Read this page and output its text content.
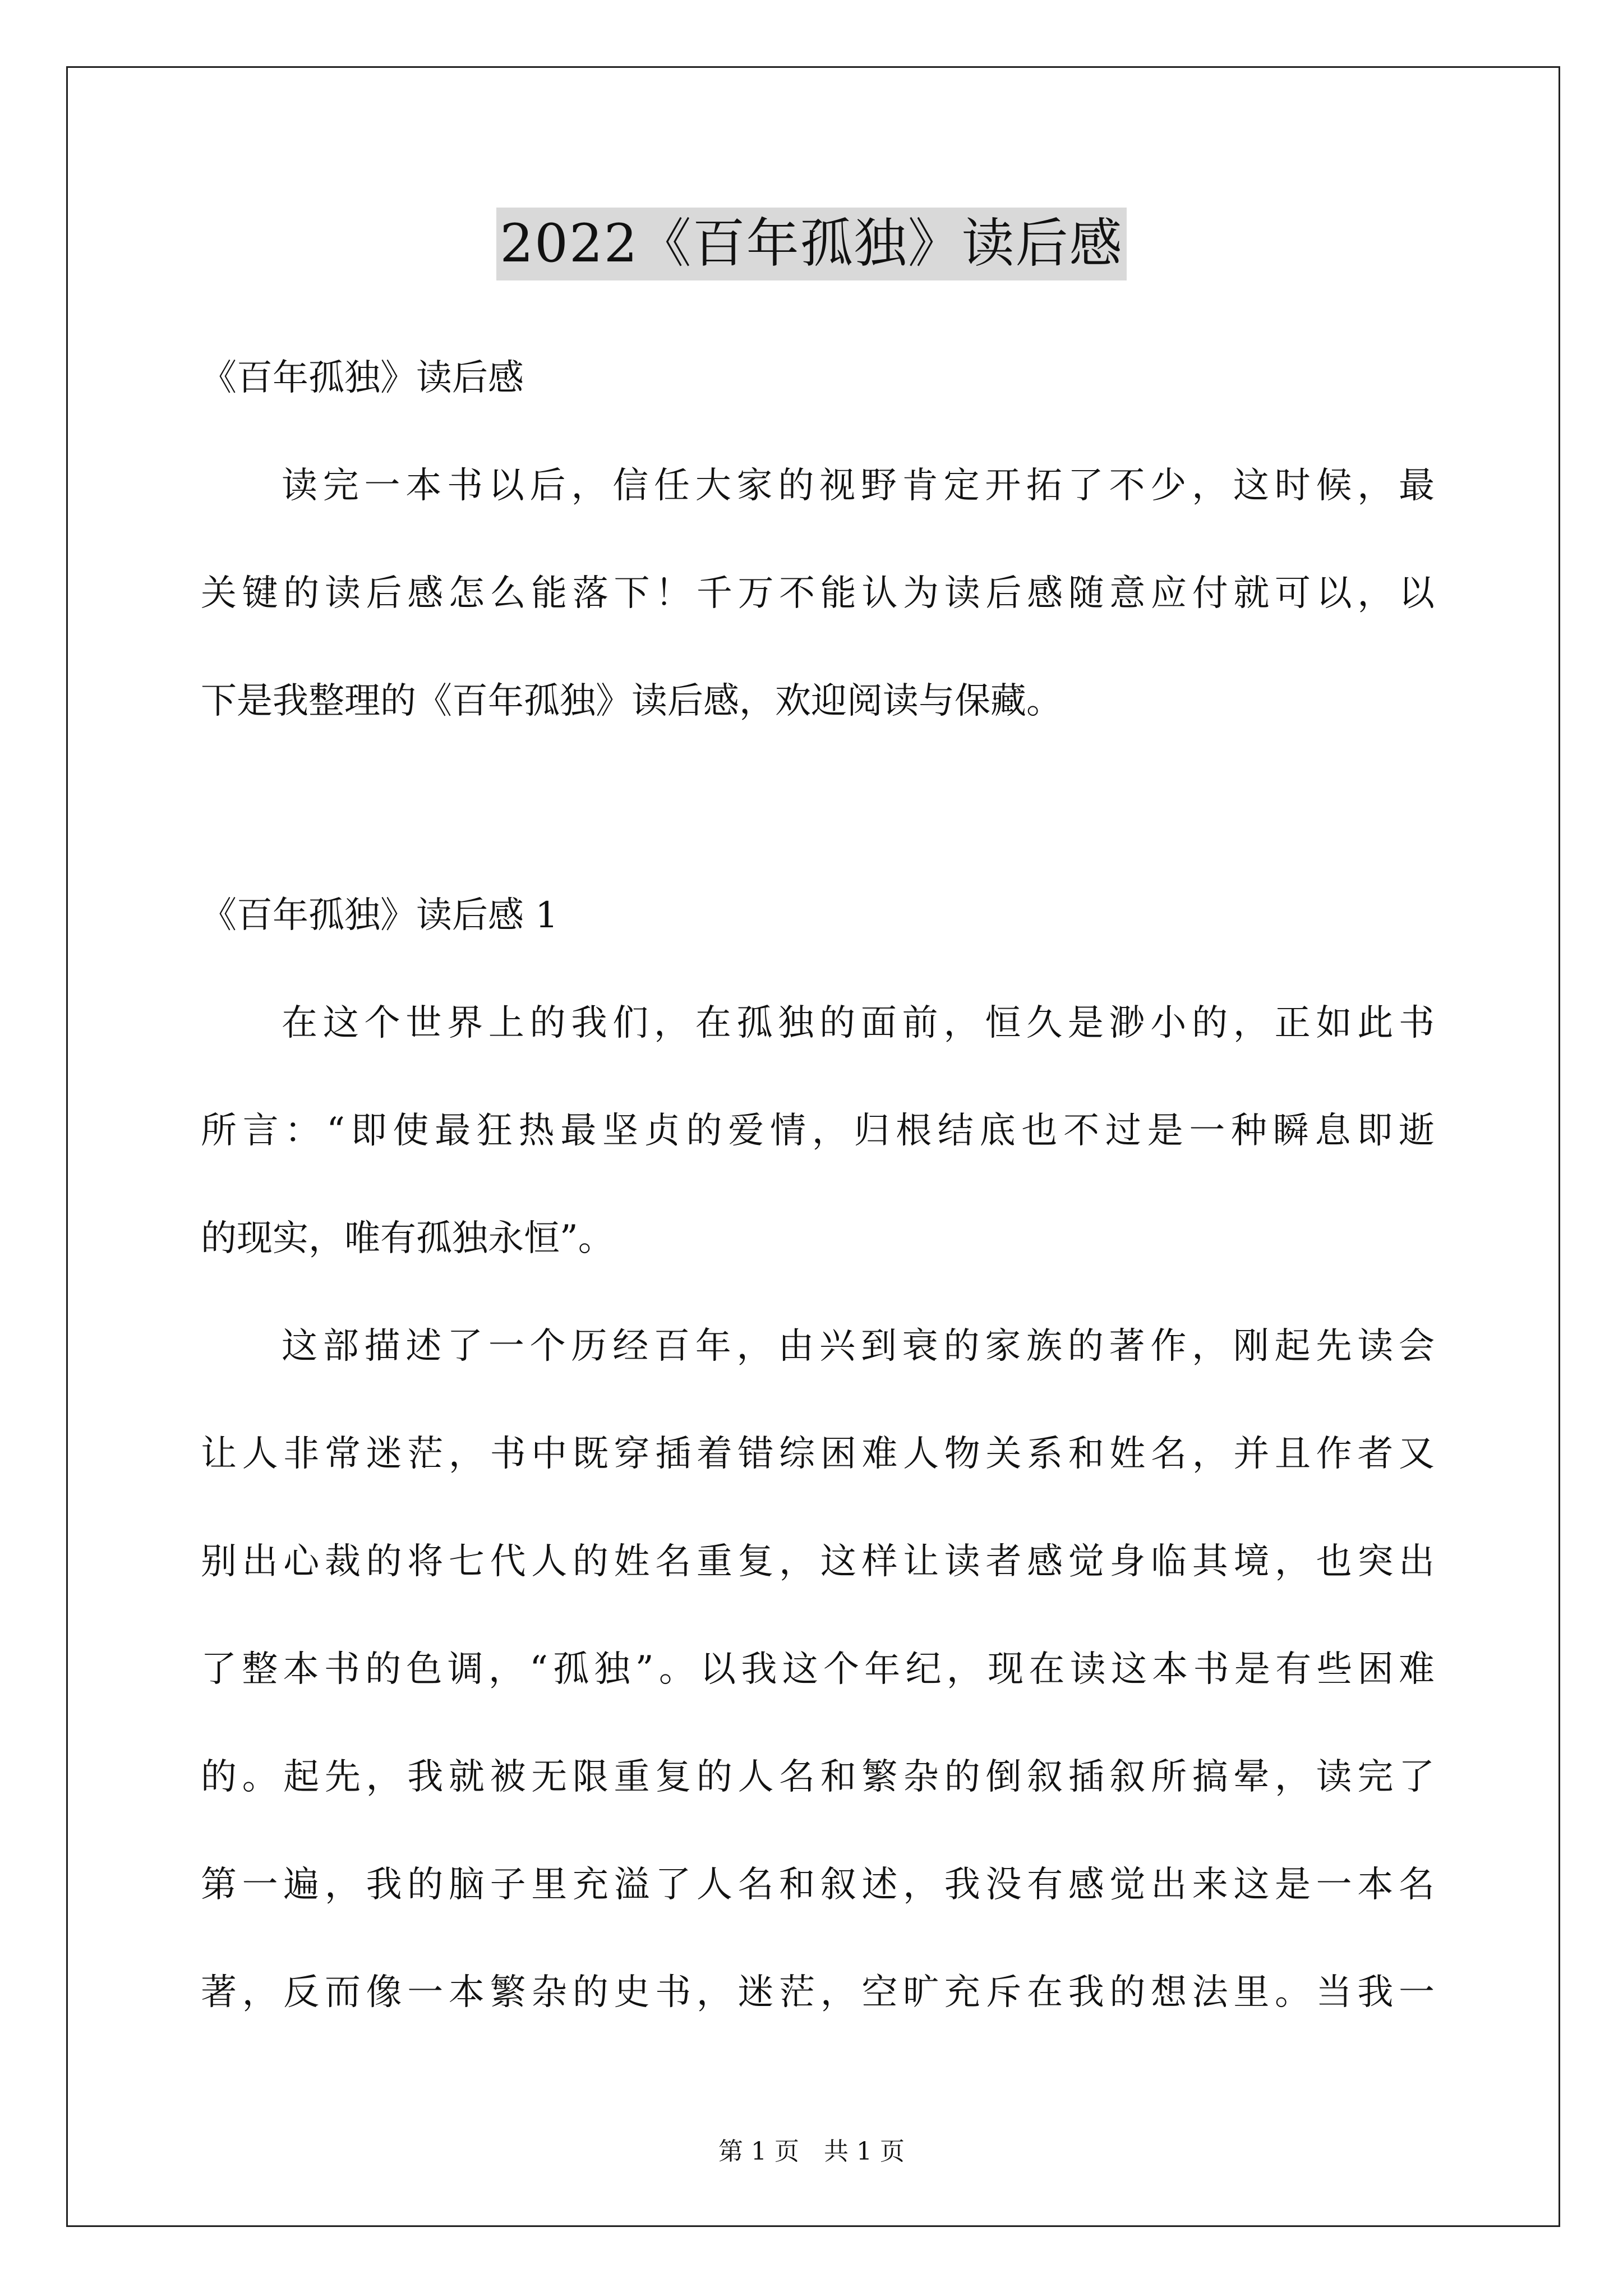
2022《百年孤独》读后感
《百年孤独》读后感
读完一本书以后，信任大家的视野肯定开拓了不少，这时候，最
关键的读后感怎么能落下！千万不能认为读后感随意应付就可以，以
下是我整理的《百年孤独》读后感，欢迎阅读与保藏。
《百年孤独》读后感 1
在这个世界上的我们，在孤独的面前，恒久是渺小的，正如此书
所言：“即使最狂热最坚贞的爱情，归根结底也不过是一种瞬息即逝
的现实，唯有孤独永恒”。
这部描述了一个历经百年，由兴到衰的家族的著作，刚起先读会
让人非常迷茫，书中既穿插着错综困难人物关系和姓名，并且作者又
别出心裁的将七代人的姓名重复，这样让读者感觉身临其境，也突出
了整本书的色调，“孤独”。以我这个年纪，现在读这本书是有些困难
的。起先，我就被无限重复的人名和繁杂的倒叙插叙所搞晕，读完了
第一遍，我的脑子里充溢了人名和叙述，我没有感觉出来这是一本名
著，反而像一本繁杂的史书，迷茫，空旷充斥在我的想法里。当我一
第 1 页　共 1 页
